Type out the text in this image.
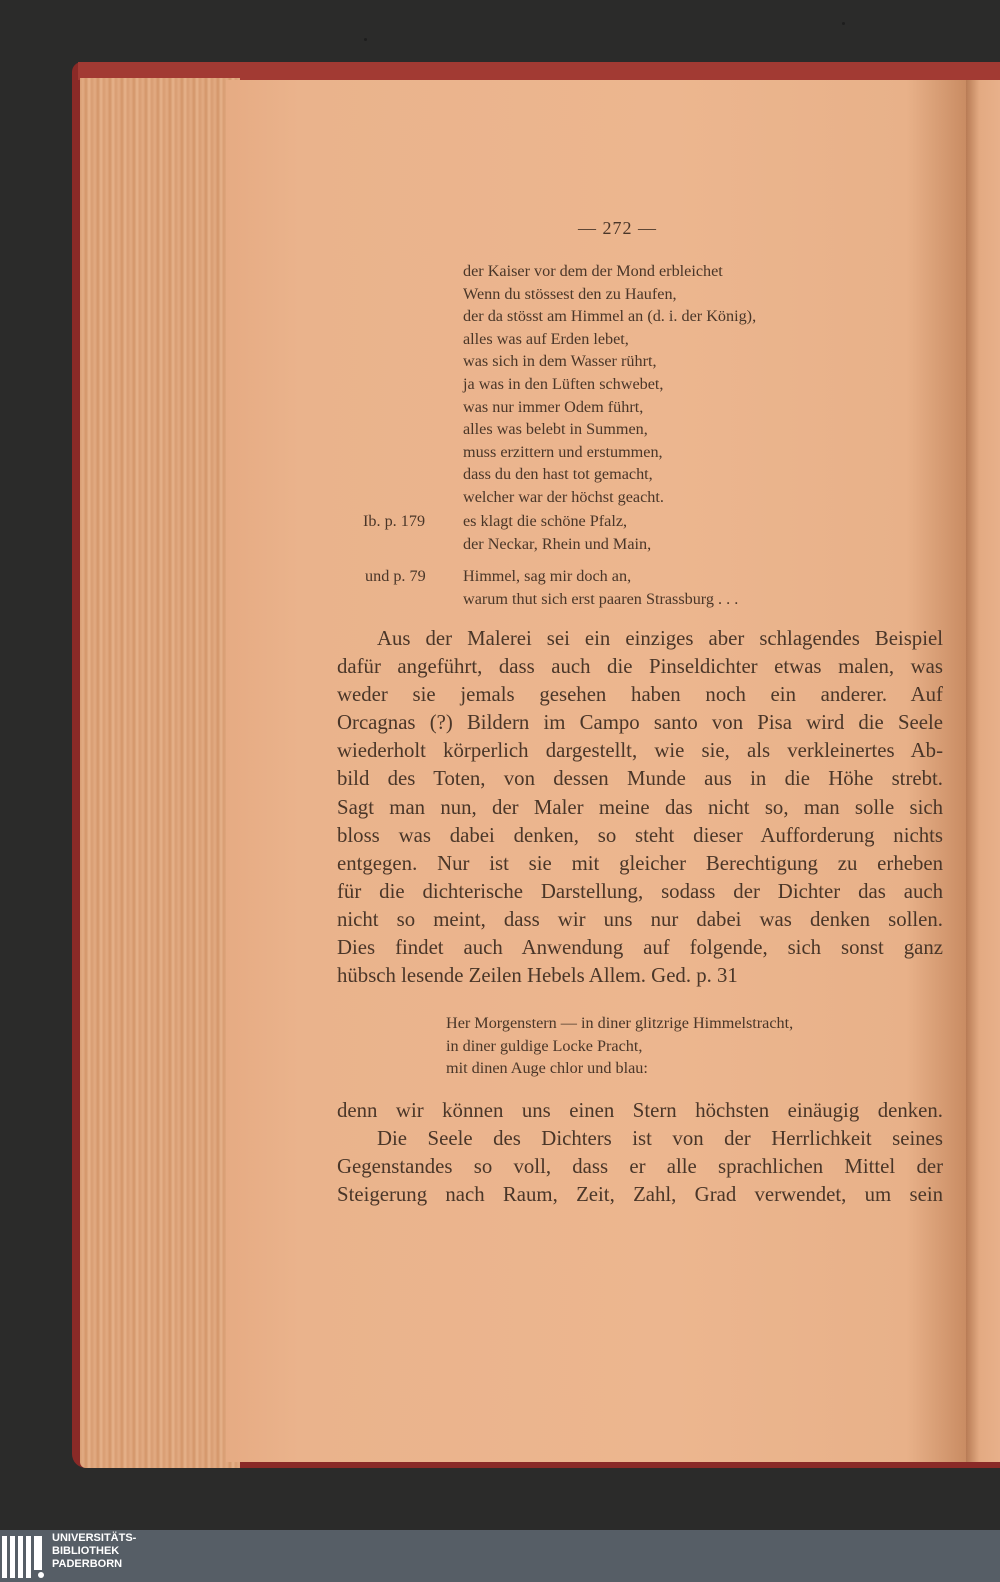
— 272 —
der Kaiser vor dem der Mond erbleichet
Wenn du stössest den zu Haufen,
der da stösst am Himmel an (d. i. der König),
alles was auf Erden lebet,
was sich in dem Wasser rührt,
ja was in den Lüften schwebet,
was nur immer Odem führt,
alles was belebt in Summen,
muss erzittern und erstummen,
dass du den hast tot gemacht,
welcher war der höchst geacht.
Ib. p. 179 es klagt die schöne Pfalz,
der Neckar, Rhein und Main,
und p. 79 Himmel, sag mir doch an,
warum thut sich erst paaren Strassburg . . .
Aus der Malerei sei ein einziges aber schlagendes Beispiel
dafür angeführt, dass auch die Pinseldichter etwas malen, was
weder sie jemals gesehen haben noch ein anderer. Auf
Orcagnas (?) Bildern im Campo santo von Pisa wird die Seele
wiederholt körperlich dargestellt, wie sie, als verkleinertes Ab-
bild des Toten, von dessen Munde aus in die Höhe strebt.
Sagt man nun, der Maler meine das nicht so, man solle sich
bloss was dabei denken, so steht dieser Aufforderung nichts
entgegen. Nur ist sie mit gleicher Berechtigung zu erheben
für die dichterische Darstellung, sodass der Dichter das auch
nicht so meint, dass wir uns nur dabei was denken sollen.
Dies findet auch Anwendung auf folgende, sich sonst ganz
hübsch lesende Zeilen Hebels Allem. Ged. p. 31
Her Morgenstern — in diner glitzrige Himmelstracht,
in diner guldige Locke Pracht,
mit dinen Auge chlor und blau:
denn wir können uns einen Stern höchsten einäugig denken.
Die Seele des Dichters ist von der Herrlichkeit seines
Gegenstandes so voll, dass er alle sprachlichen Mittel der
Steigerung nach Raum, Zeit, Zahl, Grad verwendet, um sein
UNIVERSITÄTS-
BIBLIOTHEK
PADERBORN
